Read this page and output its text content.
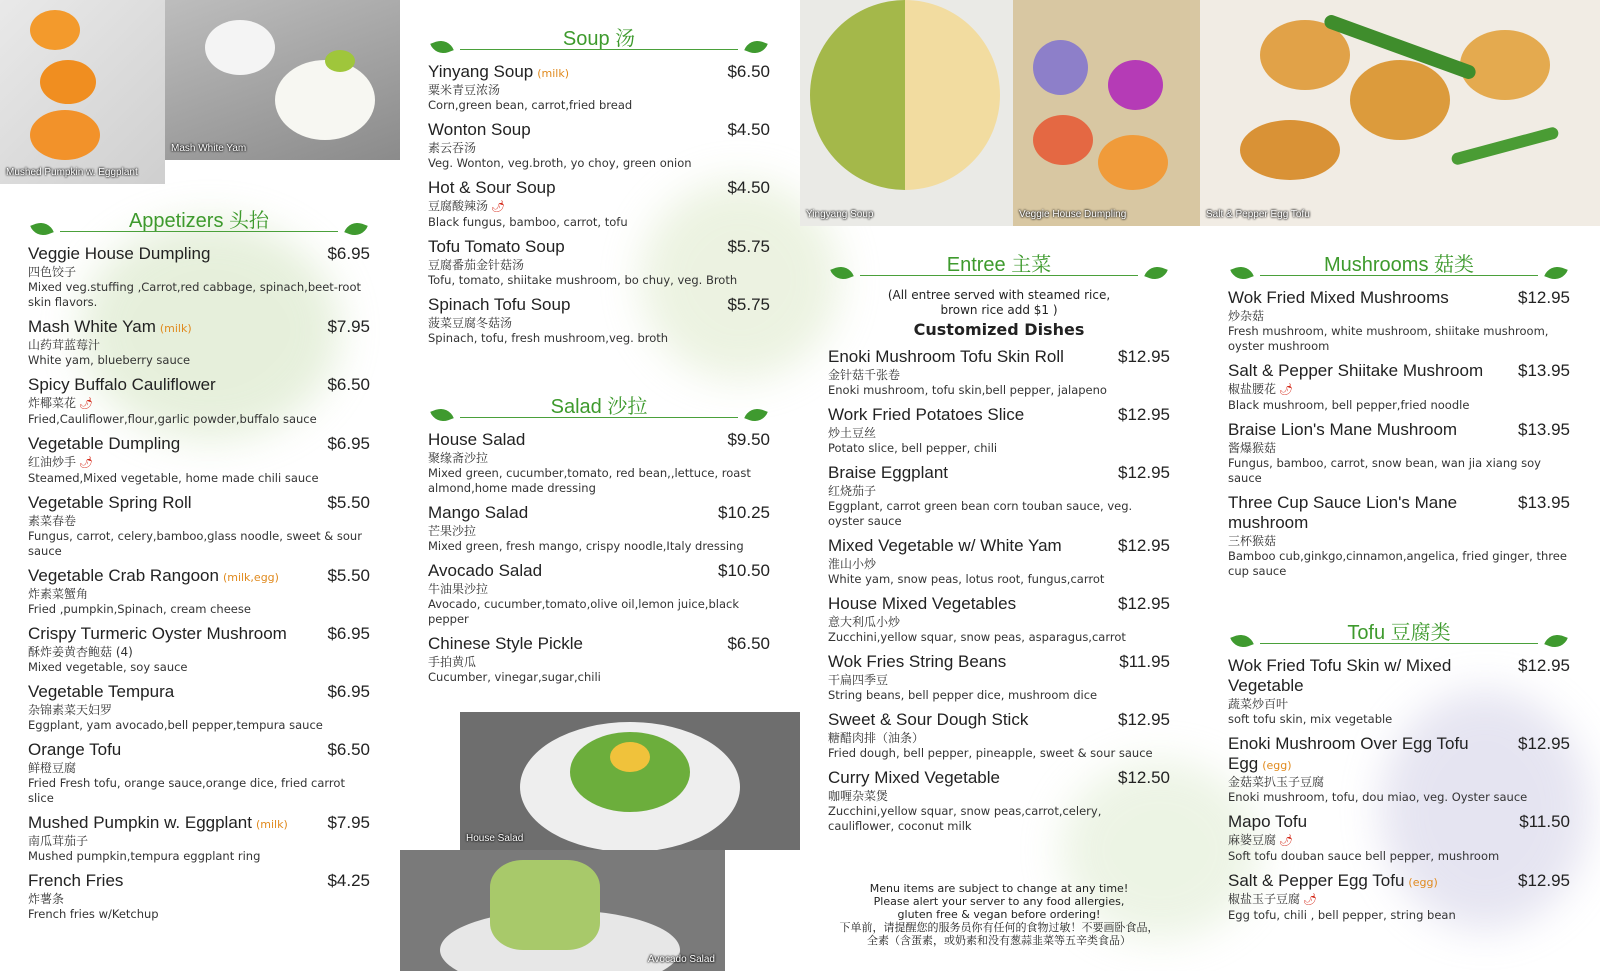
Mushed Pumpkin w. Eggplant
Mash White Yam
Yingyang Soup	Veggie House Dumpling	Salt & Pepper Egg Tofu
House Salad
Avocado Salad
Appetizers 头抬
Veggie House Dumpling	$6.95
四色饺子
Mixed veg.stuffing ,Carrot,red cabbage, spinach,beet-root skin flavors.
Mash White Yam (milk)	$7.95
山药茸蓝莓汁
White yam, blueberry sauce
Spicy Buffalo Cauliflower	$6.50
炸椰菜花 🌶
Fried,Cauliflower,flour,garlic powder,buffalo sauce
Vegetable Dumpling	$6.95
红油炒手 🌶
Steamed,Mixed vegetable, home made chili sauce
Vegetable Spring Roll	$5.50
素菜春卷
Fungus, carrot, celery,bamboo,glass noodle, sweet & sour sauce
Vegetable Crab Rangoon (milk,egg)	$5.50
炸素菜蟹角
Fried ,pumpkin,Spinach, cream cheese
Crispy Turmeric Oyster Mushroom $6.95
酥炸姜黄杏鲍菇 (4)
Mixed vegetable, soy sauce
Vegetable Tempura	$6.95
杂锦素菜天妇罗
Eggplant, yam avocado,bell pepper,tempura sauce
Orange Tofu	$6.50
鲜橙豆腐
Fried Fresh tofu, orange sauce,orange dice, fried carrot slice
Mushed Pumpkin w. Eggplant (milk) $7.95
南瓜茸茄子
Mushed pumpkin,tempura eggplant ring
French Fries	$4.25
炸薯条
French fries w/Ketchup
Soup 汤
Yinyang Soup (milk)	$6.50
粟米青豆浓汤
Corn,green bean, carrot,fried bread
Wonton Soup	$4.50
素云吞汤
Veg. Wonton, veg.broth, yo choy, green onion
Hot & Sour Soup	$4.50
豆腐酸辣汤 🌶
Black fungus, bamboo, carrot, tofu
Tofu Tomato Soup	$5.75
豆腐番茄金针菇汤
Tofu, tomato, shiitake mushroom, bo chuy, veg. Broth
Spinach Tofu Soup	$5.75
菠菜豆腐冬菇汤
Spinach, tofu, fresh mushroom,veg. broth
Salad 沙拉
House Salad	$9.50
聚缘斋沙拉
Mixed green, cucumber,tomato, red bean,,lettuce, roast almond,home made dressing
Mango Salad	$10.25
芒果沙拉
Mixed green, fresh mango, crispy noodle,Italy dressing
Avocado Salad	$10.50
牛油果沙拉
Avocado, cucumber,tomato,olive oil,lemon juice,black pepper
Chinese Style Pickle	$6.50
手拍黄瓜
Cucumber, vinegar,sugar,chili
Entree 主菜
(All entree served with steamed rice,
brown rice add $1 )
Customized Dishes
Enoki Mushroom Tofu Skin Roll	$12.95
金针菇千张卷
Enoki mushroom, tofu skin,bell pepper, jalapeno
Work Fried Potatoes Slice	$12.95
炒土豆丝
Potato slice, bell pepper, chili
Braise Eggplant	$12.95
红烧茄子
Eggplant, carrot green bean corn touban sauce, veg. oyster sauce
Mixed Vegetable w/ White Yam	$12.95
淮山小炒
White yam, snow peas, lotus root, fungus,carrot
House Mixed Vegetables	$12.95
意大利瓜小炒
Zucchini,yellow squar, snow peas, asparagus,carrot
Wok Fries String Beans	$11.95
干扁四季豆
String beans, bell pepper dice, mushroom dice
Sweet & Sour Dough Stick	$12.95
糖醋肉排（油条）
Fried dough, bell pepper, pineapple, sweet & sour sauce
Curry Mixed Vegetable	$12.50
咖喱杂菜煲
Zucchini,yellow squar, snow peas,carrot,celery, cauliflower, coconut milk
Menu items are subject to change at any time!
Please alert your server to any food allergies,
gluten free & vegan before ordering!
下单前，请提醒您的服务员你有任何的食物过敏！不要画卧食品，
全素（含蛋素，或奶素和没有葱蒜韭菜等五辛类食品）
Mushrooms 菇类
Wok Fried Mixed Mushrooms	$12.95
炒杂菇
Fresh mushroom, white mushroom, shiitake mushroom, oyster mushroom
Salt & Pepper Shiitake Mushroom $13.95
椒盐腰花 🌶
Black mushroom, bell pepper,fried noodle
Braise Lion's Mane Mushroom	$13.95
酱爆猴菇
Fungus, bamboo, carrot, snow bean, wan jia xiang soy sauce
Three Cup Sauce Lion's Mane mushroom
$13.95
三杯猴菇
Bamboo cub,ginkgo,cinnamon,angelica, fried ginger, three cup sauce
Tofu 豆腐类
Wok Fried Tofu Skin w/ Mixed Vegetable
$12.95
蔬菜炒百叶
soft tofu skin, mix vegetable
Enoki Mushroom Over Egg Tofu Egg (egg)
$12.95
金菇菜扒玉子豆腐
Enoki mushroom, tofu, dou miao, veg. Oyster sauce
Mapo Tofu	$11.50
麻婆豆腐 🌶
Soft tofu douban sauce bell pepper, mushroom
Salt & Pepper Egg Tofu (egg)	$12.95
椒盐玉子豆腐 🌶
Egg tofu, chili , bell pepper, string bean
